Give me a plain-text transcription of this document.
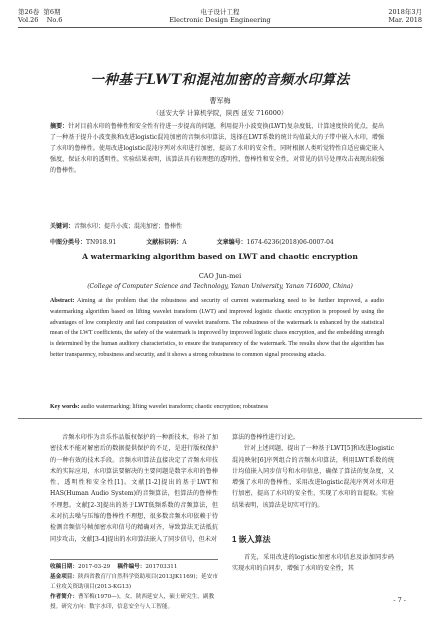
第26卷 第6期
Vol.26 No.6
电子设计工程
Electronic Design Engineering
2018年3月
Mar. 2018
一种基于LWT和混沌加密的音频水印算法
曹军梅
（延安大学 计算机学院，陕西 延安 716000）
摘要：针对目前水印的鲁棒性和安全性有待进一步提高的问题，利用提升小波变换(LWT)复杂度低，计算速度快的优点，提出了一种基于提升小波变换和改进logistic混沌加密的音频水印算法，选择在LWT系数的统计均值最大的子带中嵌入水印，增强了水印的鲁棒性。使用改进logistic混沌序列对水印进行加密，提高了水印的安全性，同时根据人类听觉特性自适应确定嵌入强度，保证水印的透明性。实验结果表明，该算法具有较理想的透明性，鲁棒性和安全性，对常见的信号处理攻击表现出较强的鲁棒性。
关键词：音频水印；提升小波；混沌加密；鲁棒性
中图分类号：TN918.91	文献标识码：A	文章编号：1674-6236(2018)06-0007-04
A watermarking algorithm based on LWT and chaotic encryption
CAO Jun-mei
(College of Computer Science and Technology, Yanan University, Yanan 716000, China)
Abstract: Aiming at the problem that the robustness and security of current watermarking need to be further improved, a audio watermarking algorithm based on lifting wavelet transform (LWT) and improved logistic chaotic encryption is proposed by using the advantages of low complexity and fast computation of wavelet transform. The robustness of the watermark is enhanced by the statistical mean of the LWT coefficients, the safety of the watermark is improved by improved logistic chaos encryption, and the embedding strength is determined by the human auditory characteristics, to ensure the transparency of the watermark. The results show that the algorithm has better transparency, robustness and security, and it shows a strong robustness to common signal processing attacks.
Key words: audio watermarking; lifting wavelet transform; chaotic encryption; robustness
音频水印作为音乐作品版权保护的一种新技术，你补了加密技术不能对解密后的数据提供保护的不足，是进行版权保护的一种有效的技术手段。音频水印算法直接决定了音频水印技术的实际应用，水印算法要解决的主要问题是数字水印的鲁棒性、透明性和安全性[1]。文献[1-2]提出的基于LWT和HAS(Human Audio System)的音频算法，但算法的鲁棒性不理想。文献[2-3]提出的基于LWT低频系数的音频算法，但未对抗去噪与压缩的鲁棒性不理想，很多数音频水印依赖于待检测音频信号帧加密水印信号的精确对齐，导致算法无法抵抗同步攻击，文献[3-4]提出的水印算法嵌入了同步信号，但未对
算法的鲁棒性进行讨论。
针对上述问题，提出了一种基于LWT[5]和改进logistic混沌映射[6]序列组合的音频水印算法，利用LWT系数的统计均值嵌入同步信号和水印信息，确保了算法的复杂度，又增强了水印的鲁棒性，采用改进logistic混沌序列对水印进行加密，提高了水印的安全性，实现了水印的盲提取。实验结果表明，该算法是切实可行的。
1 嵌入算法
首先，采用改进的logistic加密水印信息及添加同步码实现水印的自同步，增强了水印的安全性，其
收稿日期：2017-03-29 稿件编号：201703311
基金项目：陕西省教育厅自然科学资助项目(2013JK1169)；延安市工业攻关资助项目(2013-KG13)
作者简介：曹军梅(1970—)，女，陕西延安人，硕士研究生，副教授。研究方向：数字水印，信息安全与人工智能。
- 7 -
